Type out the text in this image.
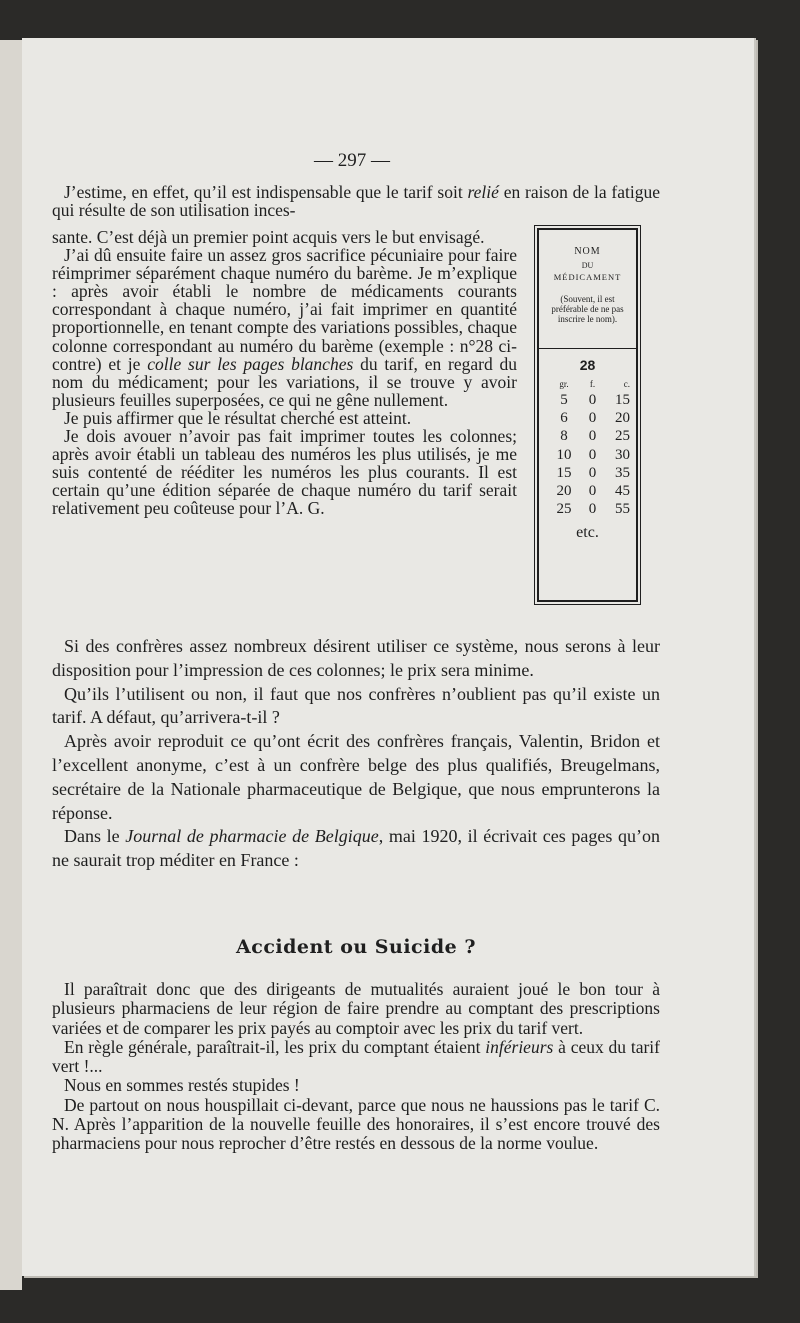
— 297 —

J’estime, en effet, qu’il est indispensable que le tarif soit relié en raison de la fatigue qui résulte de son utilisation inces-

sante. C’est déjà un premier point acquis vers le but envisagé.

J’ai dû ensuite faire un assez gros sacrifice pécuniaire pour faire réimprimer séparément chaque numéro du barème. Je m’explique : après avoir établi le nombre de médicaments courants correspondant à chaque numéro, j’ai fait imprimer en quantité proportionnelle, en tenant compte des variations possibles, chaque colonne correspondant au numéro du barème (exemple : n°28 ci-contre) et je colle sur les pages blanches du tarif, en regard du nom du médicament; pour les variations, il se trouve y avoir plusieurs feuilles superposées, ce qui ne gêne nullement.

Je puis affirmer que le résultat cherché est atteint.

Je dois avouer n’avoir pas fait imprimer toutes les colonnes; après avoir établi un tableau des numéros les plus utilisés, je me suis contenté de rééditer les numéros les plus courants. Il est certain qu’une édition séparée de chaque numéro du tarif serait relativement peu coûteuse pour l’A. G.

NOM
DU
MÉDICAMENT
(Souvent, il est préférable de ne pas inscrire le nom).
28
gr.	f.	c.
5	0	15
6	0	20
8	0	25
10	0	30
15	0	35
20	0	45
25	0	55
etc.

Si des confrères assez nombreux désirent utiliser ce système, nous serons à leur disposition pour l’impression de ces colonnes; le prix sera minime.

Qu’ils l’utilisent ou non, il faut que nos confrères n’oublient pas qu’il existe un tarif. A défaut, qu’arrivera-t-il ?

Après avoir reproduit ce qu’ont écrit des confrères français, Valentin, Bridon et l’excellent anonyme, c’est à un confrère belge des plus qualifiés, Breugelmans, secrétaire de la Nationale pharmaceutique de Belgique, que nous emprunterons la réponse.

Dans le Journal de pharmacie de Belgique, mai 1920, il écrivait ces pages qu’on ne saurait trop méditer en France :

Accident ou Suicide ?

Il paraîtrait donc que des dirigeants de mutualités auraient joué le bon tour à plusieurs pharmaciens de leur région de faire prendre au comptant des prescriptions variées et de comparer les prix payés au comptoir avec les prix du tarif vert.

En règle générale, paraîtrait-il, les prix du comptant étaient inférieurs à ceux du tarif vert !...

Nous en sommes restés stupides !

De partout on nous houspillait ci-devant, parce que nous ne haussions pas le tarif C. N. Après l’apparition de la nouvelle feuille des honoraires, il s’est encore trouvé des pharmaciens pour nous reprocher d’être restés en dessous de la norme voulue.
